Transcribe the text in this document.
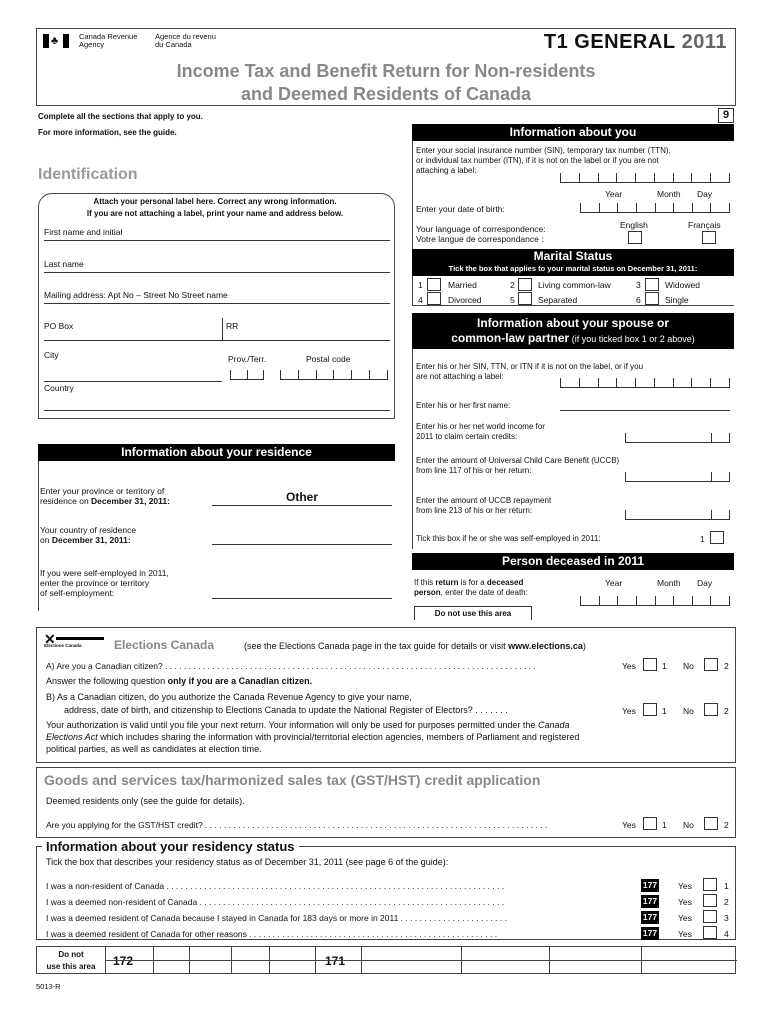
♣	Canada Revenue
Agency
Agence du revenu
du Canada	T1 GENERAL 2011
Income Tax and Benefit Return for Non-residents
and Deemed Residents of Canada
Complete all the sections that apply to you.
For more information, see the guide.
9
Identification
Attach your personal label here. Correct any wrong information.
If you are not attaching a label, print your name and address below.
First name and initial
Last name
Mailing address: Apt No – Street No Street name
PO Box	RR
City	Prov./Terr.	Postal code
Country
Information about your residence
Enter your province or territory of
residence on December 31, 2011:	Other
Your country of residence
on December 31, 2011:
If you were self-employed in 2011,
enter the province or territory
of self-employment:
Information about you
Enter your social insurance number (SIN), temporary tax number (TTN),
or individual tax number (ITN), if it is not on the label or if you are not
attaching a label:
Year	Month Day
Enter your date of birth:
Your language of correspondence:
Votre langue de correspondance :
English	Français
Marital Status
Tick the box that applies to your marital status on December 31, 2011:
1	Married	2	Living common-law	3	Widowed
4	Divorced	5	Separated	6	Single
Information about your spouse or
common-law partner (if you ticked box 1 or 2 above)
Enter his or her SIN, TTN, or ITN if it is not on the label, or if you
are not attaching a label:
Enter his or her first name:
Enter his or her net world income for
2011 to claim certain credits:
Enter the amount of Universal Child Care Benefit (UCCB)
from line 117 of his or her return:
Enter the amount of UCCB repayment
from line 213 of his or her return:
Tick this box if he or she was self-employed in 2011:	1
Person deceased in 2011
If this return is for a deceased
person, enter the date of death:
Year	Month Day
Do not use this area
✕
Elections Canada	Elections Canada	(see the Elections Canada page in the tax guide for details or visit www.elections.ca)
A) Are you a Canadian citizen? . . . . . . . . . . . . . . . . . . . . . . . . . . . . . . . . . . . . . . . . . . . . . . . . . . . . . . . . . . . . . . . . . . . . . . . . . . . . . . .	Yes	1 No	2
Answer the following question only if you are a Canadian citizen.
B) As a Canadian citizen, do you authorize the Canada Revenue Agency to give your name,
address, date of birth, and citizenship to Elections Canada to update the National Register of Electors? . . . . . . .	Yes	1 No	2
Your authorization is valid until you file your next return. Your information will only be used for purposes permitted under the Canada
Elections Act which includes sharing the information with provincial/territorial election agencies, members of Parliament and registered
political parties, as well as candidates at election time.
Goods and services tax/harmonized sales tax (GST/HST) credit application
Deemed residents only (see the guide for details).
Are you applying for the GST/HST credit? . . . . . . . . . . . . . . . . . . . . . . . . . . . . . . . . . . . . . . . . . . . . . . . . . . . . . . . . . . . . . . . . . . . . . . . . .	Yes	1 No	2
Information about your residency status
Tick the box that describes your residency status as of December 31, 2011 (see page 6 of the guide):
I was a non-resident of Canada . . . . . . . . . . . . . . . . . . . . . . . . . . . . . . . . . . . . . . . . . . . . . . . . . . . . . . . . . . . . . . . . . . . . . . . .	177 Yes	1
I was a deemed non-resident of Canada . . . . . . . . . . . . . . . . . . . . . . . . . . . . . . . . . . . . . . . . . . . . . . . . . . . . . . . . . . . . . . . . .	177 Yes	2
I was a deemed resident of Canada because I stayed in Canada for 183 days or more in 2011 . . . . . . . . . . . . . . . . . . . . . . .	177 Yes	3
I was a deemed resident of Canada for other reasons . . . . . . . . . . . . . . . . . . . . . . . . . . . . . . . . . . . . . . . . . . . . . . . . . . . . .	177 Yes	4
Do not
use this area	172	171
5013-R
